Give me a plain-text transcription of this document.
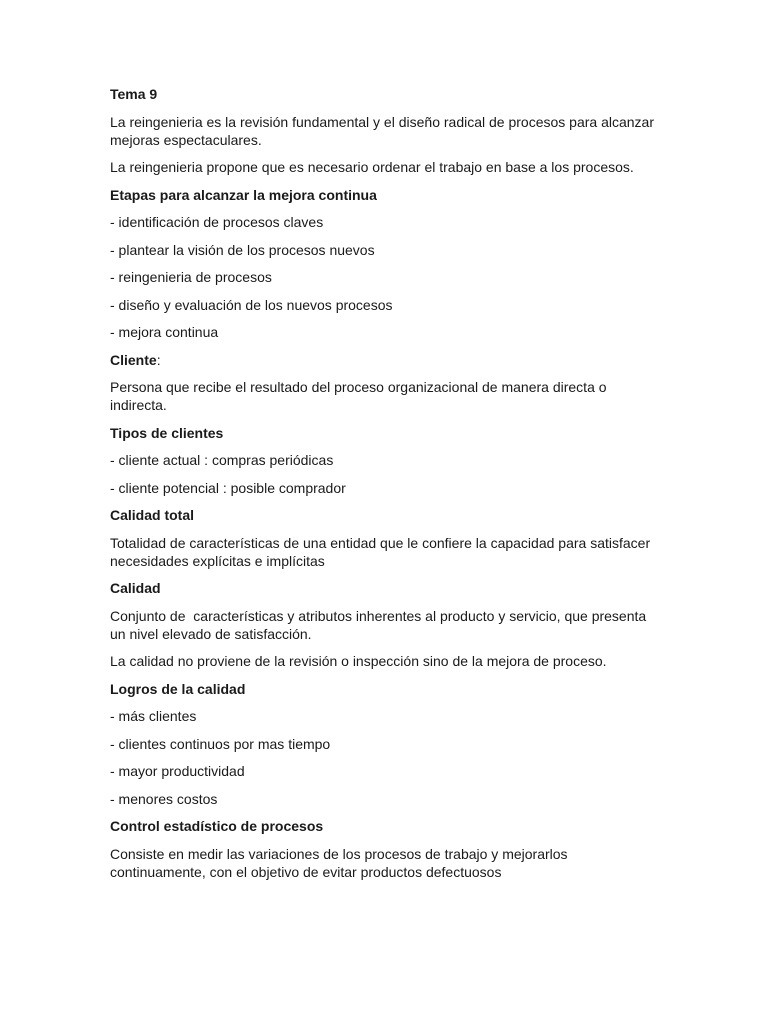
Tema 9
La reingenieria es la revisión fundamental y el diseño radical de procesos para alcanzar mejoras espectaculares.
La reingenieria propone que es necesario ordenar el trabajo en base a los procesos.
Etapas para alcanzar la mejora continua
- identificación de procesos claves
- plantear la visión de los procesos nuevos
- reingenieria de procesos
- diseño y evaluación de los nuevos procesos
- mejora continua
Cliente:
Persona que recibe el resultado del proceso organizacional de manera directa o indirecta.
Tipos de clientes
- cliente actual : compras periódicas
- cliente potencial : posible comprador
Calidad total
Totalidad de características de una entidad que le confiere la capacidad para satisfacer necesidades explícitas e implícitas
Calidad
Conjunto de  características y atributos inherentes al producto y servicio, que presenta un nivel elevado de satisfacción.
La calidad no proviene de la revisión o inspección sino de la mejora de proceso.
Logros de la calidad
- más clientes
- clientes continuos por mas tiempo
- mayor productividad
- menores costos
Control estadístico de procesos
Consiste en medir las variaciones de los procesos de trabajo y mejorarlos continuamente, con el objetivo de evitar productos defectuosos
